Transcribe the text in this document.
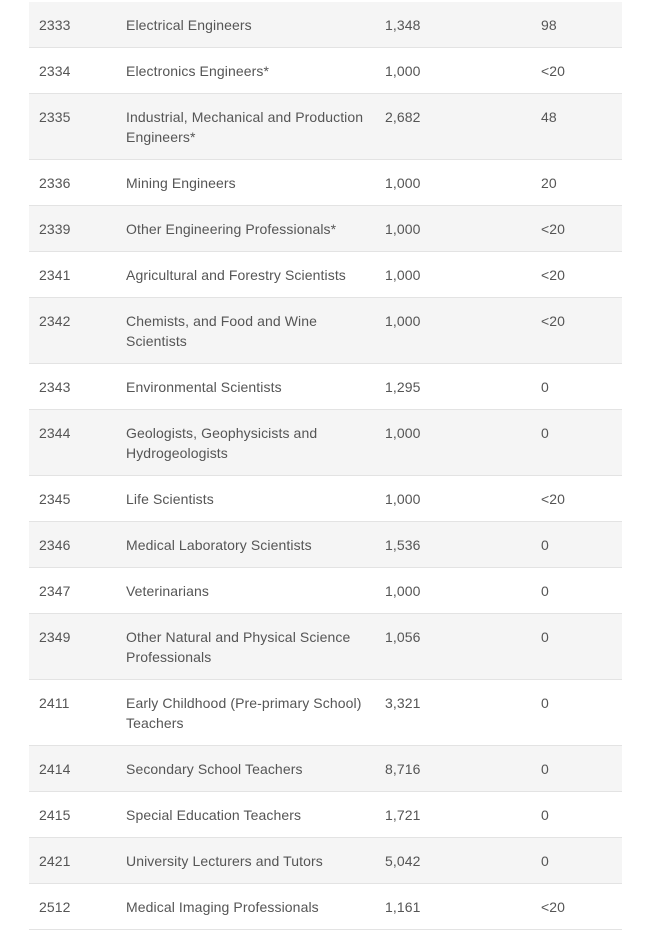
2333	Electrical Engineers	1,348	98
2334	Electronics Engineers*	1,000	<20
2335	Industrial, Mechanical and Production Engineers*	2,682	48
2336	Mining Engineers	1,000	20
2339	Other Engineering Professionals*	1,000	<20
2341	Agricultural and Forestry Scientists	1,000	<20
2342	Chemists, and Food and Wine Scientists	1,000	<20
2343	Environmental Scientists	1,295	0
2344	Geologists, Geophysicists and Hydrogeologists	1,000	0
2345	Life Scientists	1,000	<20
2346	Medical Laboratory Scientists	1,536	0
2347	Veterinarians	1,000	0
2349	Other Natural and Physical Science Professionals	1,056	0
2411	Early Childhood (Pre-primary School) Teachers	3,321	0
2414	Secondary School Teachers	8,716	0
2415	Special Education Teachers	1,721	0
2421	University Lecturers and Tutors	5,042	0
2512	Medical Imaging Professionals	1,161	<20
